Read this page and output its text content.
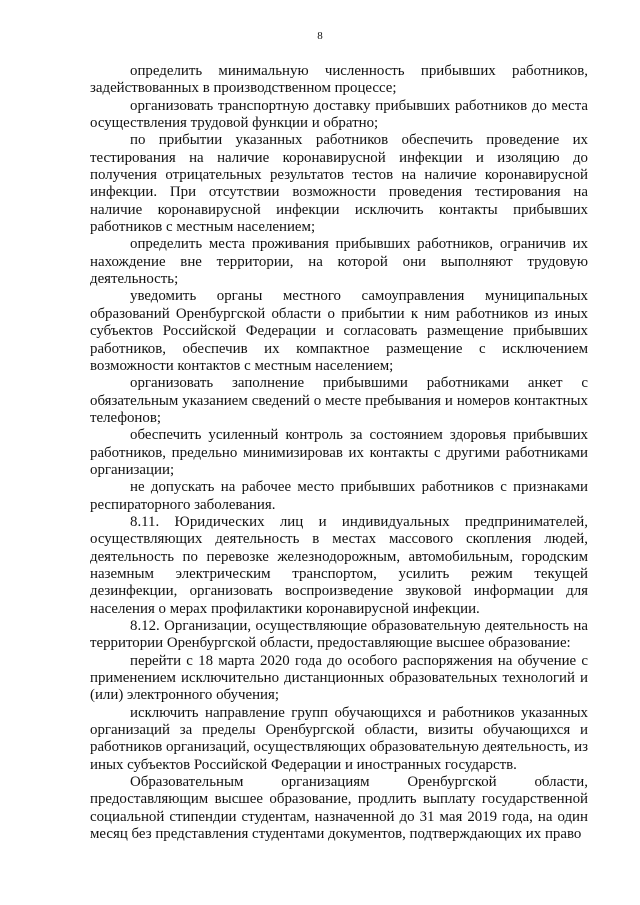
8

определить минимальную численность прибывших работников, задействованных в производственном процессе;

организовать транспортную доставку прибывших работников до места осуществления трудовой функции и обратно;

по прибытии указанных работников обеспечить проведение их тестирования на наличие коронавирусной инфекции и изоляцию до получения отрицательных результатов тестов на наличие коронавирусной инфекции. При отсутствии возможности проведения тестирования на наличие коронавирусной инфекции исключить контакты прибывших работников с местным населением;

определить места проживания прибывших работников, ограничив их нахождение вне территории, на которой они выполняют трудовую деятельность;

уведомить органы местного самоуправления муниципальных образований Оренбургской области о прибытии к ним работников из иных субъектов Российской Федерации и согласовать размещение прибывших работников, обеспечив их компактное размещение с исключением возможности контактов с местным населением;

организовать заполнение прибывшими работниками анкет с обязательным указанием сведений о месте пребывания и номеров контактных телефонов;

обеспечить усиленный контроль за состоянием здоровья прибывших работников, предельно минимизировав их контакты с другими работниками организации;

не допускать на рабочее место прибывших работников с признаками респираторного заболевания.

8.11. Юридических лиц и индивидуальных предпринимателей, осуществляющих деятельность в местах массового скопления людей, деятельность по перевозке железнодорожным, автомобильным, городским наземным электрическим транспортом, усилить режим текущей дезинфекции, организовать воспроизведение звуковой информации для населения о мерах профилактики коронавирусной инфекции.

8.12. Организации, осуществляющие образовательную деятельность на территории Оренбургской области, предоставляющие высшее образование:

перейти с 18 марта 2020 года до особого распоряжения на обучение с применением исключительно дистанционных образовательных технологий и (или) электронного обучения;

исключить направление групп обучающихся и работников указанных организаций за пределы Оренбургской области, визиты обучающихся и работников организаций, осуществляющих образовательную деятельность, из иных субъектов Российской Федерации и иностранных государств.

Образовательным организациям Оренбургской области, предоставляющим высшее образование, продлить выплату государственной социальной стипендии студентам, назначенной до 31 мая 2019 года, на один месяц без представления студентами документов, подтверждающих их право
